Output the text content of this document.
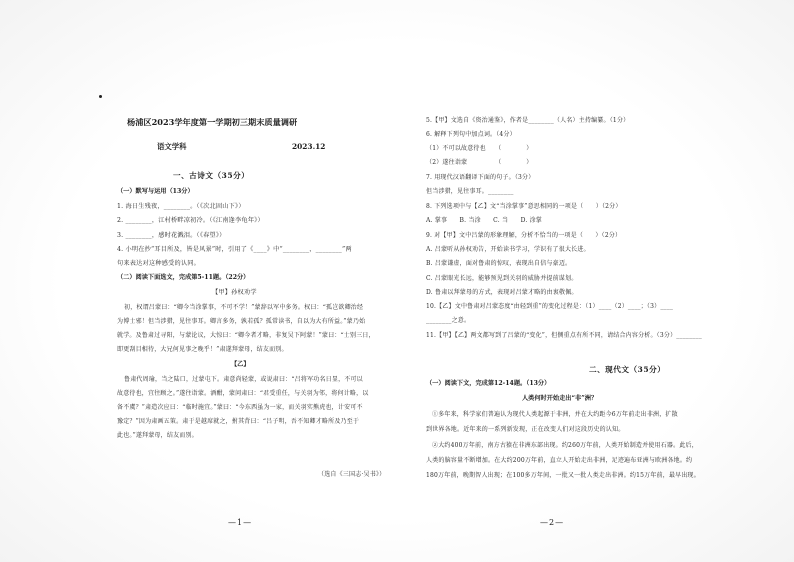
杨浦区2023学年度第一学期初三期末质量调研
语文学科	2023.12
一、古诗文（35分）
（一）默写与运用（13分）
1. 海日生残夜，________。（《次北固山下》）
2. ________，江村桥畔凉初冷。（《江南逢李龟年》）
3. ________，感时花溅泪。（《春望》）
4. 小明在抄“耳目所及，皆是风景”时，引用了《____》中“________，________”两
句来表达对这种感受的认同。
（二）阅读下面选文，完成第5-11题。（22分）
【甲】孙权劝学
初，权谓吕蒙曰：“卿今当涂掌事，不可不学！”蒙辞以军中多务。权曰：“孤岂欲卿治经
为博士邪！但当涉猎，见往事耳。卿言多务，孰若孤？孤常读书，自以为大有所益。”蒙乃始
就学。及鲁肃过寻阳，与蒙论议，大惊曰：“卿今者才略，非复吴下阿蒙！”蒙曰：“士别三日，
即更刮目相待，大兄何见事之晚乎！”肃遂拜蒙母，结友而别。
【乙】
鲁肃代周瑜，当之陆口，过蒙屯下。肃意尚轻蒙，或说肃曰：“吕将军功名日显，不可以
故意待也，宜往顾之。”遂往诣蒙。酒酣，蒙问肃曰：“君受重任，与关羽为邻，将何计略，以
备不虞？”肃造次应曰：“临时施宜。”蒙曰：“今东西虽为一家，而关羽实熊虎也，计安可不
豫定？”因为肃画五策。肃于是越席就之，拊其背曰：“吕子明，吾不知卿才略所及乃至于
此也。”遂拜蒙母，结友而别。
（选自《三国志·吴书》）
—1—
5.【甲】文选自《资治通鉴》，作者是________（人名）主持编纂。（1分）
6. 解释下列句中加点词。（4分）
（1）不可以故意待也　　（　　　　）
（2）遂往诣蒙　　　　　（　　　　）
7. 用现代汉语翻译下面的句子。（3分）
但当涉猎，见往事耳。________
8. 下列选项中与【乙】文“当涂掌事”意思相同的一项是（　　）（2分）
A. 掌事　　B. 当涂　　C. 当　　D. 涂掌
9. 对【甲】文中吕蒙的形象理解，分析不恰当的一项是（　　）（2分）
A. 吕蒙听从孙权劝告，开始读书学习，学识有了很大长进。
B. 吕蒙谦虚，面对鲁肃的惊叹，表现出自信与豪迈。
C. 吕蒙眼光长远，能够预见到关羽的威胁并提前谋划。
D. 鲁肃以拜蒙母的方式，表现对吕蒙才略的由衷敬佩。
10.【乙】文中鲁肃对吕蒙态度“由轻到重”的变化过程是：（1）____（2）____；（3）____
________之意。
11.【甲】【乙】两文都写到了吕蒙的“变化”，但侧重点有所不同，请结合内容分析。（3分）________
二、现代文（35分）
（一）阅读下文，完成第12-14题。（13分）
人类何时开始走出“非”洲？
①多年来，科学家们普遍认为现代人类起源于非洲，并在大约距今6万年前走出非洲，扩散
到世界各地。近年来的一系列新发现，正在改变人们对这段历史的认知。
②大约400万年前，南方古猿在非洲东部出现。约260万年前，人类开始制造并使用石器。此后，
人类的脑容量不断增加。在大约200万年前，直立人开始走出非洲，足迹遍布亚洲与欧洲各地。约
180万年前，晚期智人出现；在100多万年间，一批又一批人类走出非洲。约15万年前，最早出现。
—2—
